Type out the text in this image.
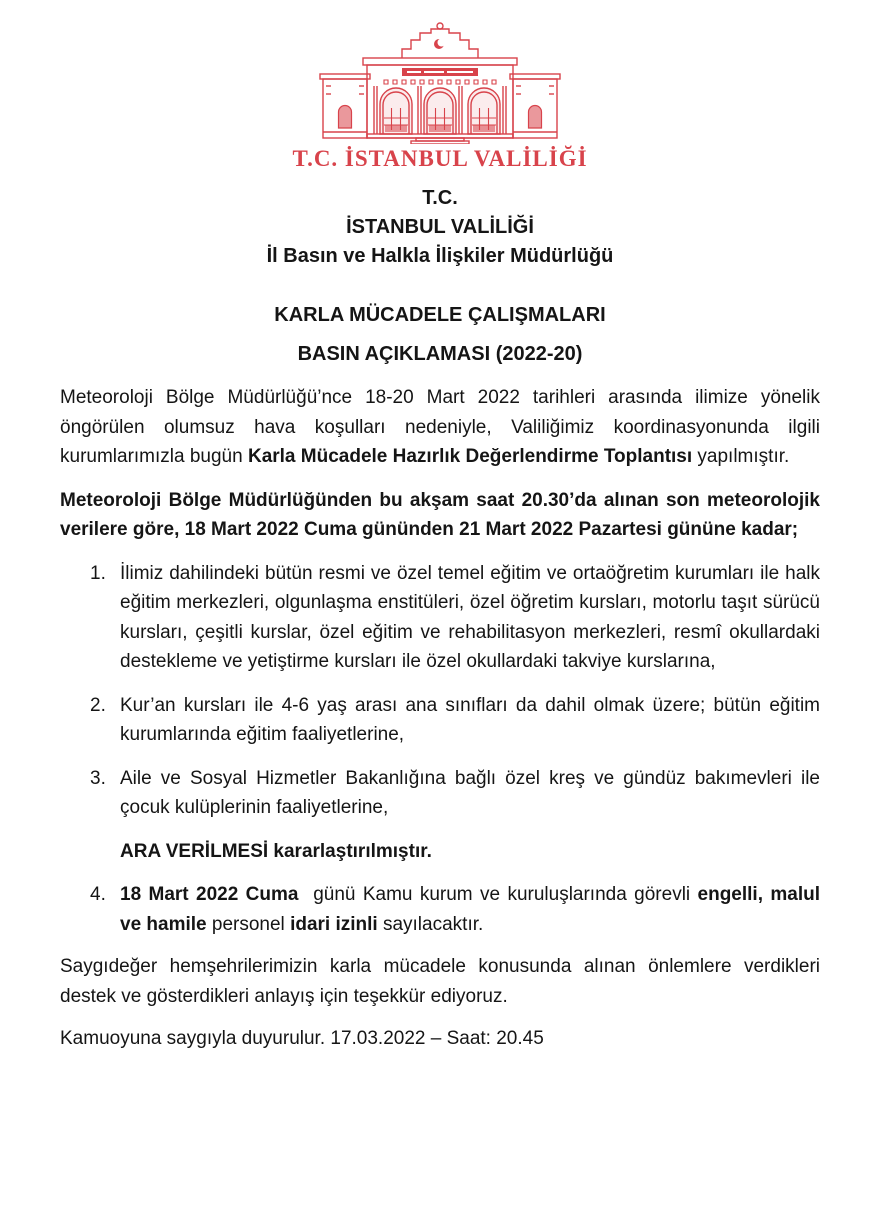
T.C. İSTANBUL VALİLİĞİ
T.C.
İSTANBUL VALİLİĞİ
İl Basın ve Halkla İlişkiler Müdürlüğü
KARLA MÜCADELE ÇALIŞMALARI
BASIN AÇIKLAMASI (2022-20)

Meteoroloji Bölge Müdürlüğü’nce 18-20 Mart 2022 tarihleri arasında ilimize yönelik öngörülen olumsuz hava koşulları nedeniyle, Valiliğimiz koordinasyonunda ilgili kurumlarımızla bugün Karla Mücadele Hazırlık Değerlendirme Toplantısı yapılmıştır.

Meteoroloji Bölge Müdürlüğünden bu akşam saat 20.30’da alınan son meteorolojik verilere göre, 18 Mart 2022 Cuma gününden 21 Mart 2022 Pazartesi gününe kadar;

1. İlimiz dahilindeki bütün resmi ve özel temel eğitim ve ortaöğretim kurumları ile halk eğitim merkezleri, olgunlaşma enstitüleri, özel öğretim kursları, motorlu taşıt sürücü kursları, çeşitli kurslar, özel eğitim ve rehabilitasyon merkezleri, resmî okullardaki destekleme ve yetiştirme kursları ile özel okullardaki takviye kurslarına,
2. Kur’an kursları ile 4-6 yaş arası ana sınıfları da dahil olmak üzere; bütün eğitim kurumlarında eğitim faaliyetlerine,
3. Aile ve Sosyal Hizmetler Bakanlığına bağlı özel kreş ve gündüz bakımevleri ile çocuk kulüplerinin faaliyetlerine,
ARA VERİLMESİ kararlaştırılmıştır.
4. 18 Mart 2022 Cuma  günü Kamu kurum ve kuruluşlarında görevli engelli, malul ve hamile personel idari izinli sayılacaktır.

Saygıdeğer hemşehrilerimizin karla mücadele konusunda alınan önlemlere verdikleri destek ve gösterdikleri anlayış için teşekkür ediyoruz.

Kamuoyuna saygıyla duyurulur. 17.03.2022 – Saat: 20.45
